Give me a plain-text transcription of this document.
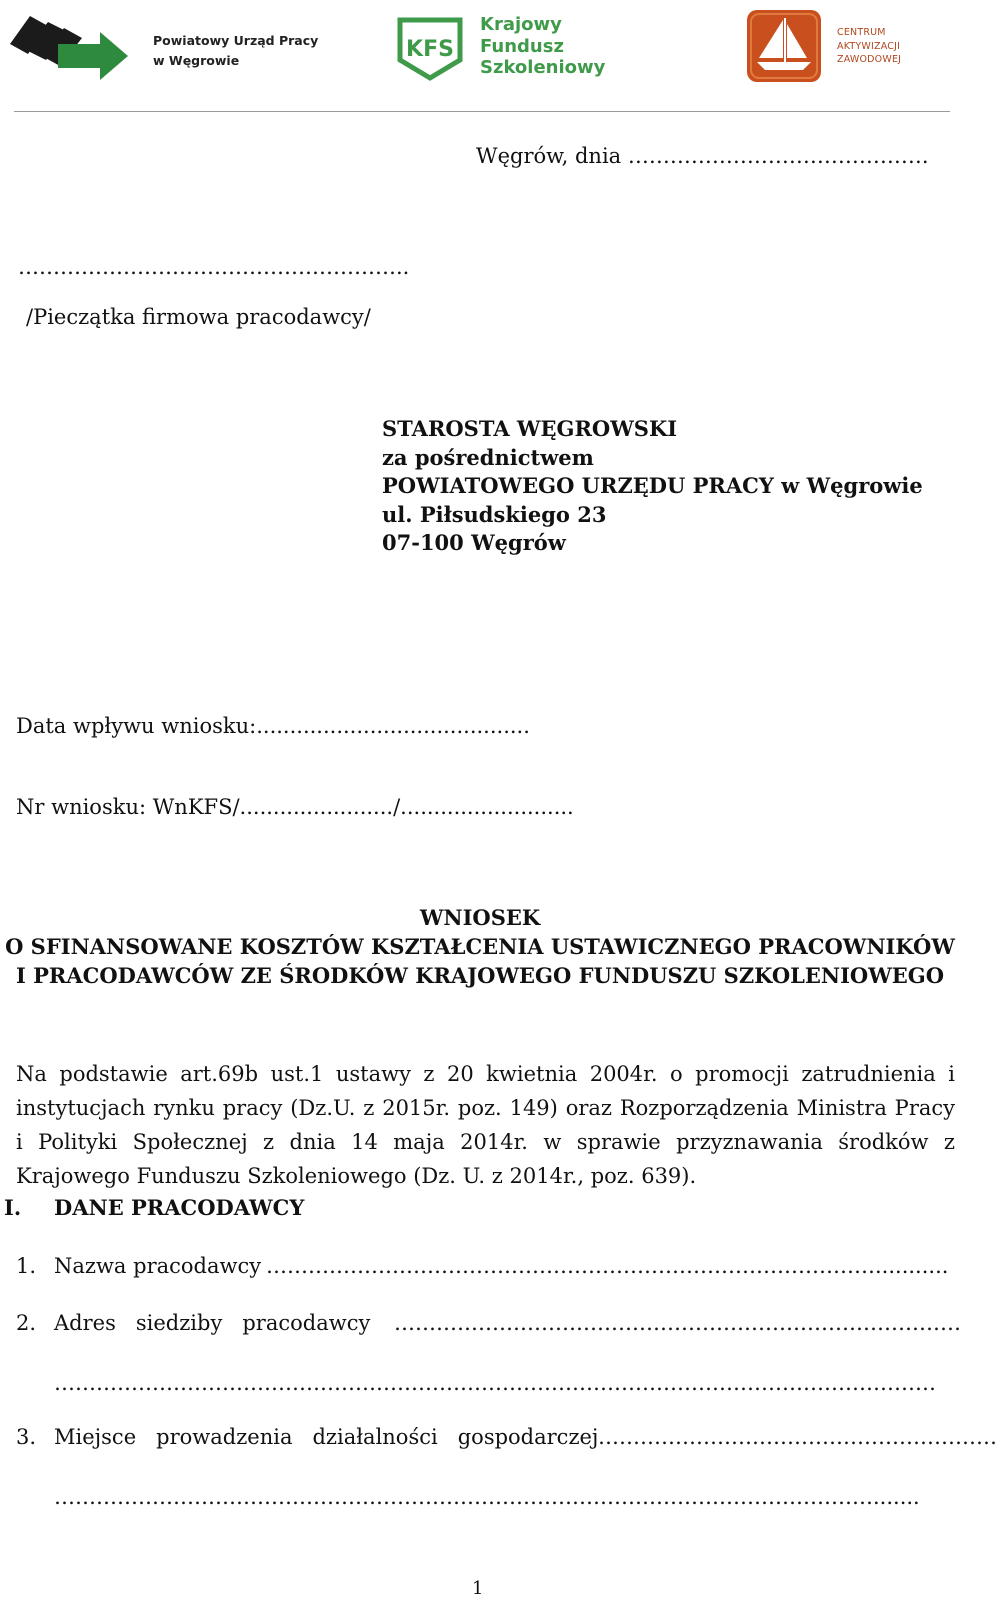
Powiatowy Urząd Pracy
w Węgrowie	KFS
Krajowy
Fundusz
Szkoleniowy
CENTRUM
AKTYWIZACJI
ZAWODOWEJ
Węgrów, dnia …………………………………….
………………………………………………..
/Pieczątka firmowa pracodawcy/
STAROSTA WĘGROWSKI
za pośrednictwem
POWIATOWEGO URZĘDU PRACY w Węgrowie
ul. Piłsudskiego 23
07-100 Węgrów
Data wpływu wniosku:.........................................
Nr wniosku: WnKFS/......................./..........................
WNIOSEK
O SFINANSOWANE KOSZTÓW KSZTAŁCENIA USTAWICZNEGO PRACOWNIKÓW
I PRACODAWCÓW ZE ŚRODKÓW KRAJOWEGO FUNDUSZU SZKOLENIOWEGO
Na podstawie art.69b ust.1 ustawy z 20 kwietnia 2004r. o promocji zatrudnienia i instytucjach rynku pracy (Dz.U. z 2015r. poz. 149) oraz Rozporządzenia Ministra Pracy i Polityki Społecznej z dnia 14 maja 2014r. w sprawie przyznawania środków z Krajowego Funduszu Szkoleniowego (Dz. U. z 2014r., poz. 639).
I. DANE PRACODAWCY
1. Nazwa pracodawcy ……………………………………………………………………………...........
2. Adres   siedziby   pracodawcy ………………………………………………………………………
………………………………………………………………………………………………………………
3. Miejsce   prowadzenia   działalności   gospodarczej …………………………………………………
……………………………………………………………………………………………………….......
1
